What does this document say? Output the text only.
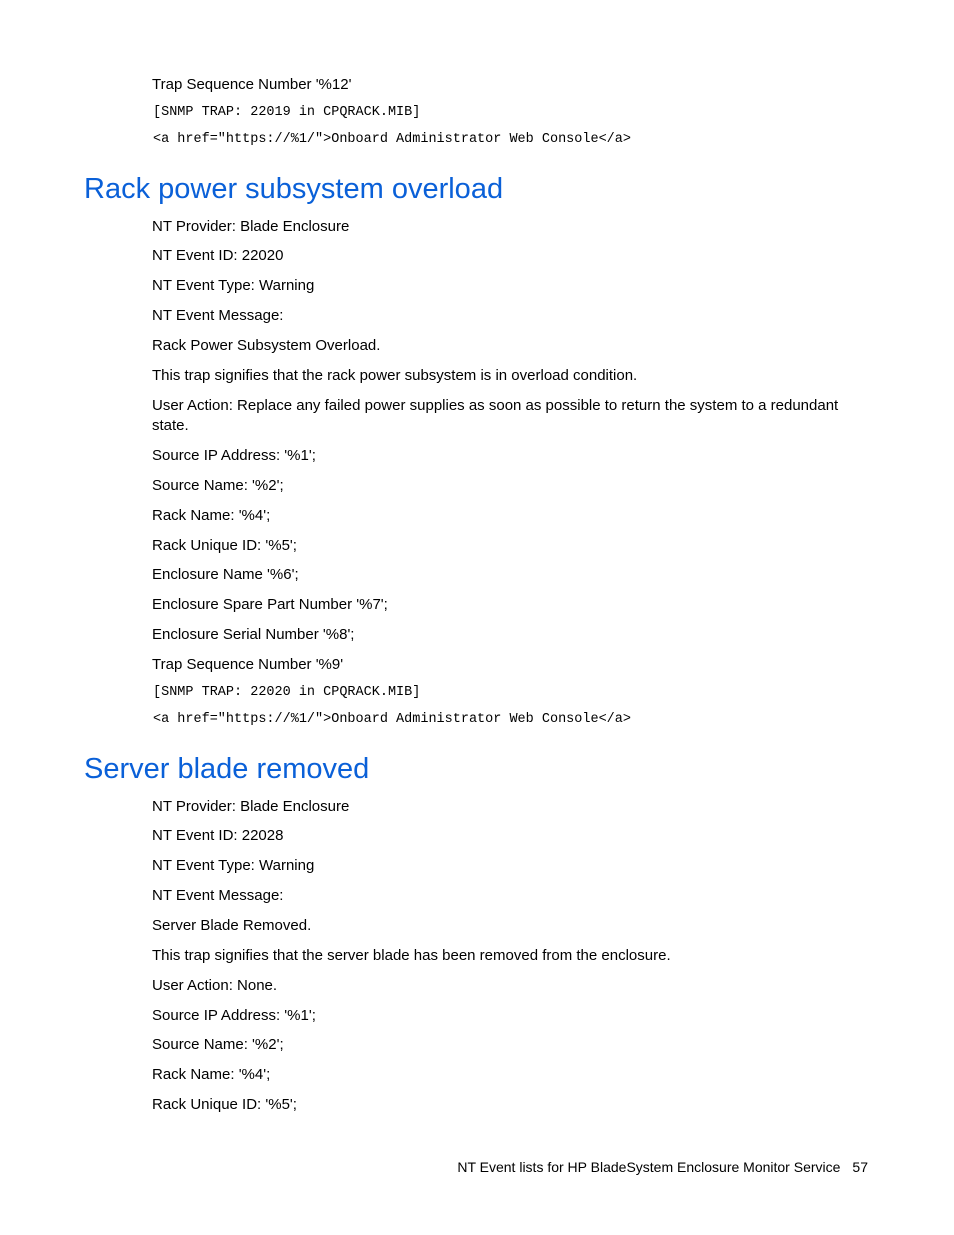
Trap Sequence Number '%12'

[SNMP TRAP: 22019 in CPQRACK.MIB]

<a href="https://%1/">Onboard Administrator Web Console</a>

Rack power subsystem overload

NT Provider: Blade Enclosure

NT Event ID: 22020

NT Event Type: Warning

NT Event Message:

Rack Power Subsystem Overload.

This trap signifies that the rack power subsystem is in overload condition.

User Action: Replace any failed power supplies as soon as possible to return the system to a redundant state.

Source IP Address: '%1';

Source Name: '%2';

Rack Name: '%4';

Rack Unique ID: '%5';

Enclosure Name '%6';

Enclosure Spare Part Number '%7';

Enclosure Serial Number '%8';

Trap Sequence Number '%9'

[SNMP TRAP: 22020 in CPQRACK.MIB]

<a href="https://%1/">Onboard Administrator Web Console</a>

Server blade removed

NT Provider: Blade Enclosure

NT Event ID: 22028

NT Event Type: Warning

NT Event Message:

Server Blade Removed.

This trap signifies that the server blade has been removed from the enclosure.

User Action: None.

Source IP Address: '%1';

Source Name: '%2';

Rack Name: '%4';

Rack Unique ID: '%5';

NT Event lists for HP BladeSystem Enclosure Monitor Service 57
